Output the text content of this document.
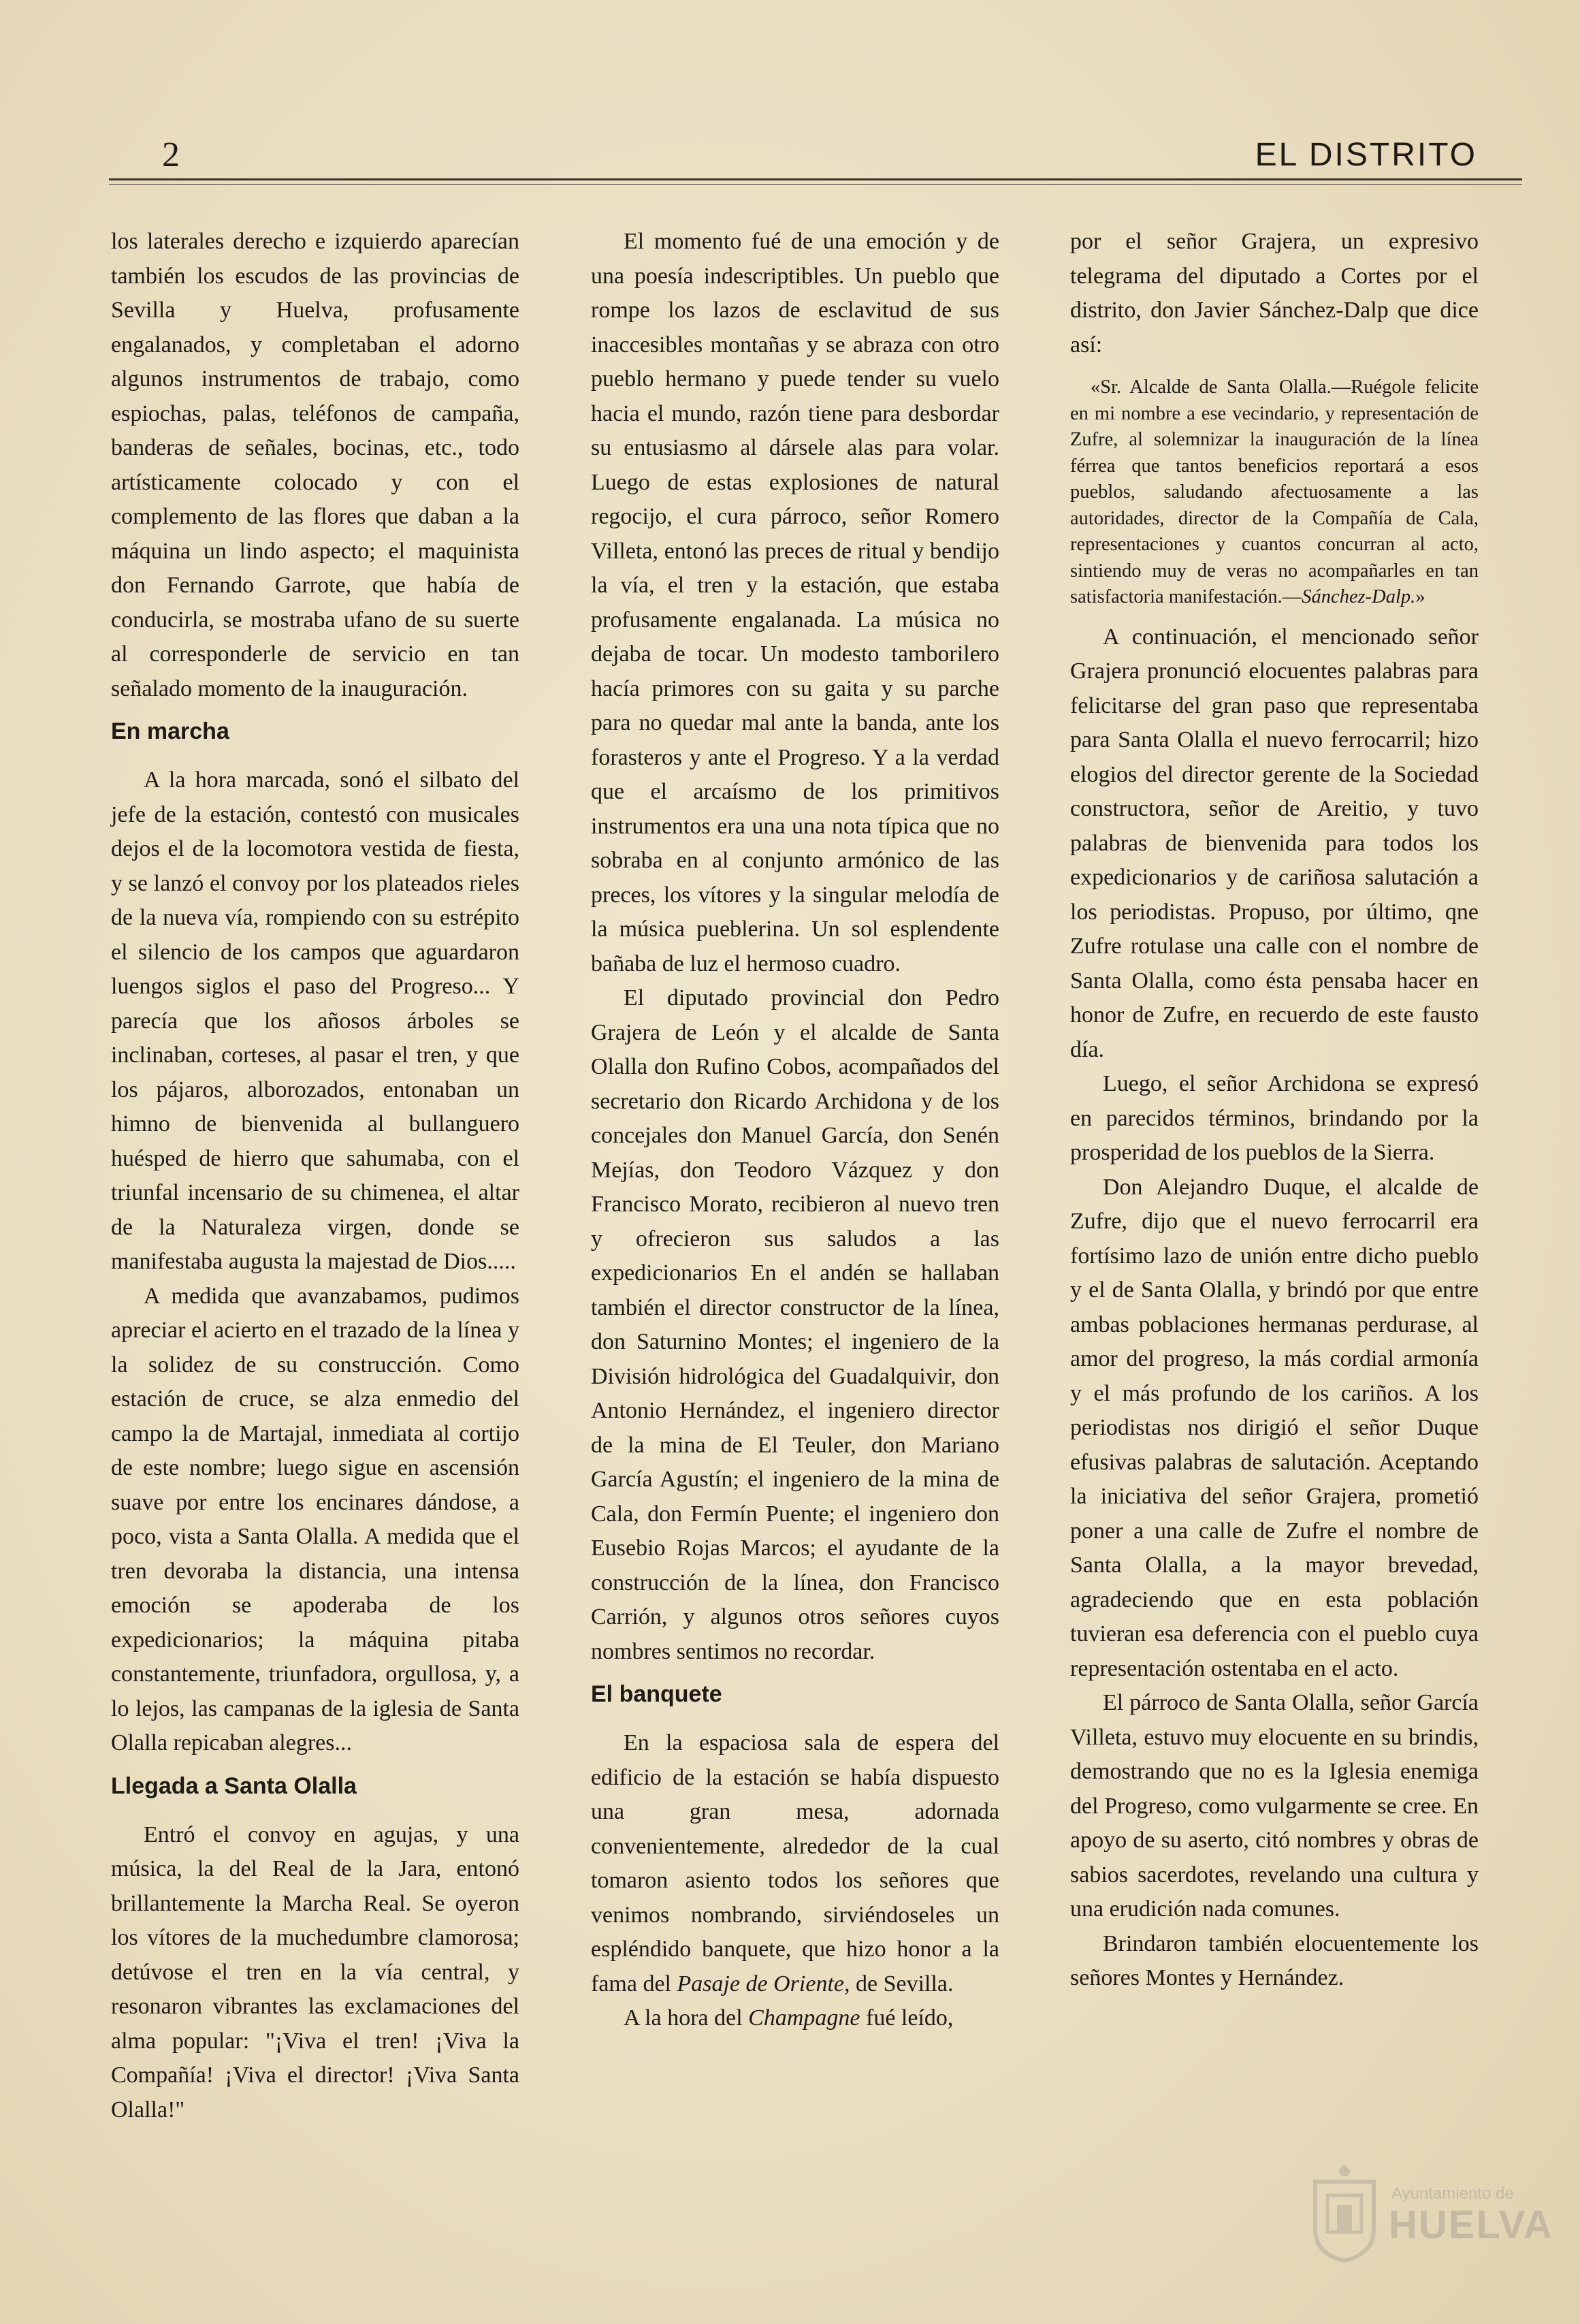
2	EL DISTRITO

los laterales derecho e izquierdo aparecían también los escudos de las provincias de Sevilla y Huelva, profusamente engalanados, y completaban el adorno algunos instrumentos de trabajo, como espiochas, palas, teléfonos de campaña, banderas de señales, bocinas, etc., todo artísticamente colocado y con el complemento de las flores que daban a la máquina un lindo aspecto; el maquinista don Fernando Garrote, que había de conducirla, se mostraba ufano de su suerte al corresponderle de servicio en tan señalado momento de la inauguración.

En marcha

A la hora marcada, sonó el silbato del jefe de la estación, contestó con musicales dejos el de la locomotora vestida de fiesta, y se lanzó el convoy por los plateados rieles de la nueva vía, rompiendo con su estrépito el silencio de los campos que aguardaron luengos siglos el paso del Progreso... Y parecía que los añosos árboles se inclinaban, corteses, al pasar el tren, y que los pájaros, alborozados, entonaban un himno de bienvenida al bullanguero huésped de hierro que sahumaba, con el triunfal incensario de su chimenea, el altar de la Naturaleza virgen, donde se manifestaba augusta la majestad de Dios.....

A medida que avanzabamos, pudimos apreciar el acierto en el trazado de la línea y la solidez de su construcción. Como estación de cruce, se alza enmedio del campo la de Martajal, inmediata al cortijo de este nombre; luego sigue en ascensión suave por entre los encinares dándose, a poco, vista a Santa Olalla. A medida que el tren devoraba la distancia, una intensa emoción se apoderaba de los expedicionarios; la máquina pitaba constantemente, triunfadora, orgullosa, y, a lo lejos, las campanas de la iglesia de Santa Olalla repicaban alegres...

Llegada a Santa Olalla

Entró el convoy en agujas, y una música, la del Real de la Jara, entonó brillantemente la Marcha Real. Se oyeron los vítores de la muchedumbre clamorosa; detúvose el tren en la vía central, y resonaron vibrantes las exclamaciones del alma popular: "¡Viva el tren! ¡Viva la Compañía! ¡Viva el director! ¡Viva Santa Olalla!"

El momento fué de una emoción y de una poesía indescriptibles. Un pueblo que rompe los lazos de esclavitud de sus inaccesibles montañas y se abraza con otro pueblo hermano y puede tender su vuelo hacia el mundo, razón tiene para desbordar su entusiasmo al dársele alas para volar. Luego de estas explosiones de natural regocijo, el cura párroco, señor Romero Villeta, entonó las preces de ritual y bendijo la vía, el tren y la estación, que estaba profusamente engalanada. La música no dejaba de tocar. Un modesto tamborilero hacía primores con su gaita y su parche para no quedar mal ante la banda, ante los forasteros y ante el Progreso. Y a la verdad que el arcaísmo de los primitivos instrumentos era una una nota típica que no sobraba en al conjunto armónico de las preces, los vítores y la singular melodía de la música pueblerina. Un sol esplendente bañaba de luz el hermoso cuadro.

El diputado provincial don Pedro Grajera de León y el alcalde de Santa Olalla don Rufino Cobos, acompañados del secretario don Ricardo Archidona y de los concejales don Manuel García, don Senén Mejías, don Teodoro Vázquez y don Francisco Morato, recibieron al nuevo tren y ofrecieron sus saludos a las expedicionarios En el andén se hallaban también el director constructor de la línea, don Saturnino Montes; el ingeniero de la División hidrológica del Guadalquivir, don Antonio Hernández, el ingeniero director de la mina de El Teuler, don Mariano García Agustín; el ingeniero de la mina de Cala, don Fermín Puente; el ingeniero don Eusebio Rojas Marcos; el ayudante de la construcción de la línea, don Francisco Carrión, y algunos otros señores cuyos nombres sentimos no recordar.

El banquete

En la espaciosa sala de espera del edificio de la estación se había dispuesto una gran mesa, adornada convenientemente, alrededor de la cual tomaron asiento todos los señores que venimos nombrando, sirviéndoseles un espléndido banquete, que hizo honor a la fama del Pasaje de Oriente, de Sevilla.

A la hora del Champagne fué leído,

por el señor Grajera, un expresivo telegrama del diputado a Cortes por el distrito, don Javier Sánchez-Dalp que dice así:

«Sr. Alcalde de Santa Olalla.—Ruégole felicite en mi nombre a ese vecindario, y representación de Zufre, al solemnizar la inauguración de la línea férrea que tantos beneficios reportará a esos pueblos, saludando afectuosamente a las autoridades, director de la Compañía de Cala, representaciones y cuantos concurran al acto, sintiendo muy de veras no acompañarles en tan satisfactoria manifestación.—Sánchez-Dalp.»

A continuación, el mencionado señor Grajera pronunció elocuentes palabras para felicitarse del gran paso que representaba para Santa Olalla el nuevo ferrocarril; hizo elogios del director gerente de la Sociedad constructora, señor de Areitio, y tuvo palabras de bienvenida para todos los expedicionarios y de cariñosa salutación a los periodistas. Propuso, por último, qne Zufre rotulase una calle con el nombre de Santa Olalla, como ésta pensaba hacer en honor de Zufre, en recuerdo de este fausto día.

Luego, el señor Archidona se expresó en parecidos términos, brindando por la prosperidad de los pueblos de la Sierra.

Don Alejandro Duque, el alcalde de Zufre, dijo que el nuevo ferrocarril era fortísimo lazo de unión entre dicho pueblo y el de Santa Olalla, y brindó por que entre ambas poblaciones hermanas perdurase, al amor del progreso, la más cordial armonía y el más profundo de los cariños. A los periodistas nos dirigió el señor Duque efusivas palabras de salutación. Aceptando la iniciativa del señor Grajera, prometió poner a una calle de Zufre el nombre de Santa Olalla, a la mayor brevedad, agradeciendo que en esta población tuvieran esa deferencia con el pueblo cuya representación ostentaba en el acto.

El párroco de Santa Olalla, señor García Villeta, estuvo muy elocuente en su brindis, demostrando que no es la Iglesia enemiga del Progreso, como vulgarmente se cree. En apoyo de su aserto, citó nombres y obras de sabios sacerdotes, revelando una cultura y una erudición nada comunes.

Brindaron también elocuentemente los señores Montes y Hernández.

Ayuntamiento de
HUELVA
